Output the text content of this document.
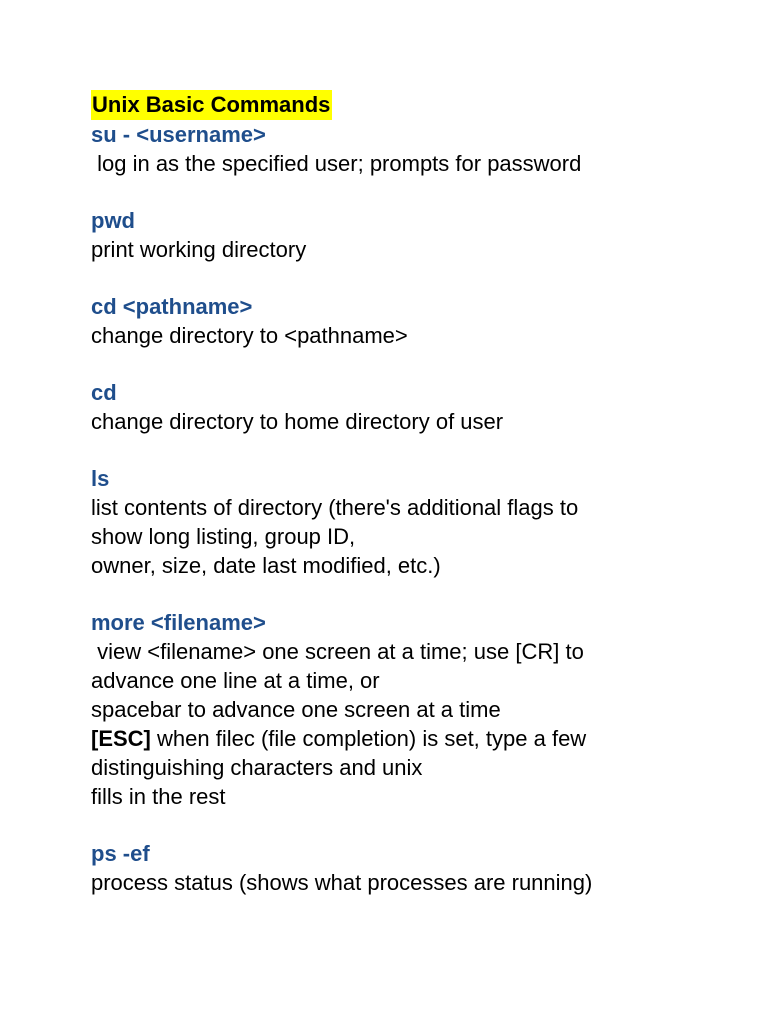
Unix Basic Commands
su - <username>
log in as the specified user; prompts for password
pwd
print working directory
cd <pathname>
change directory to <pathname>
cd
change directory to home directory of user
ls
list contents of directory (there's additional flags to
show long listing, group ID,
owner, size, date last modified, etc.)
more <filename>
view <filename> one screen at a time; use [CR] to
advance one line at a time, or
spacebar to advance one screen at a time
[ESC] when filec (file completion) is set, type a few
distinguishing characters and unix
fills in the rest
ps -ef
process status (shows what processes are running)
